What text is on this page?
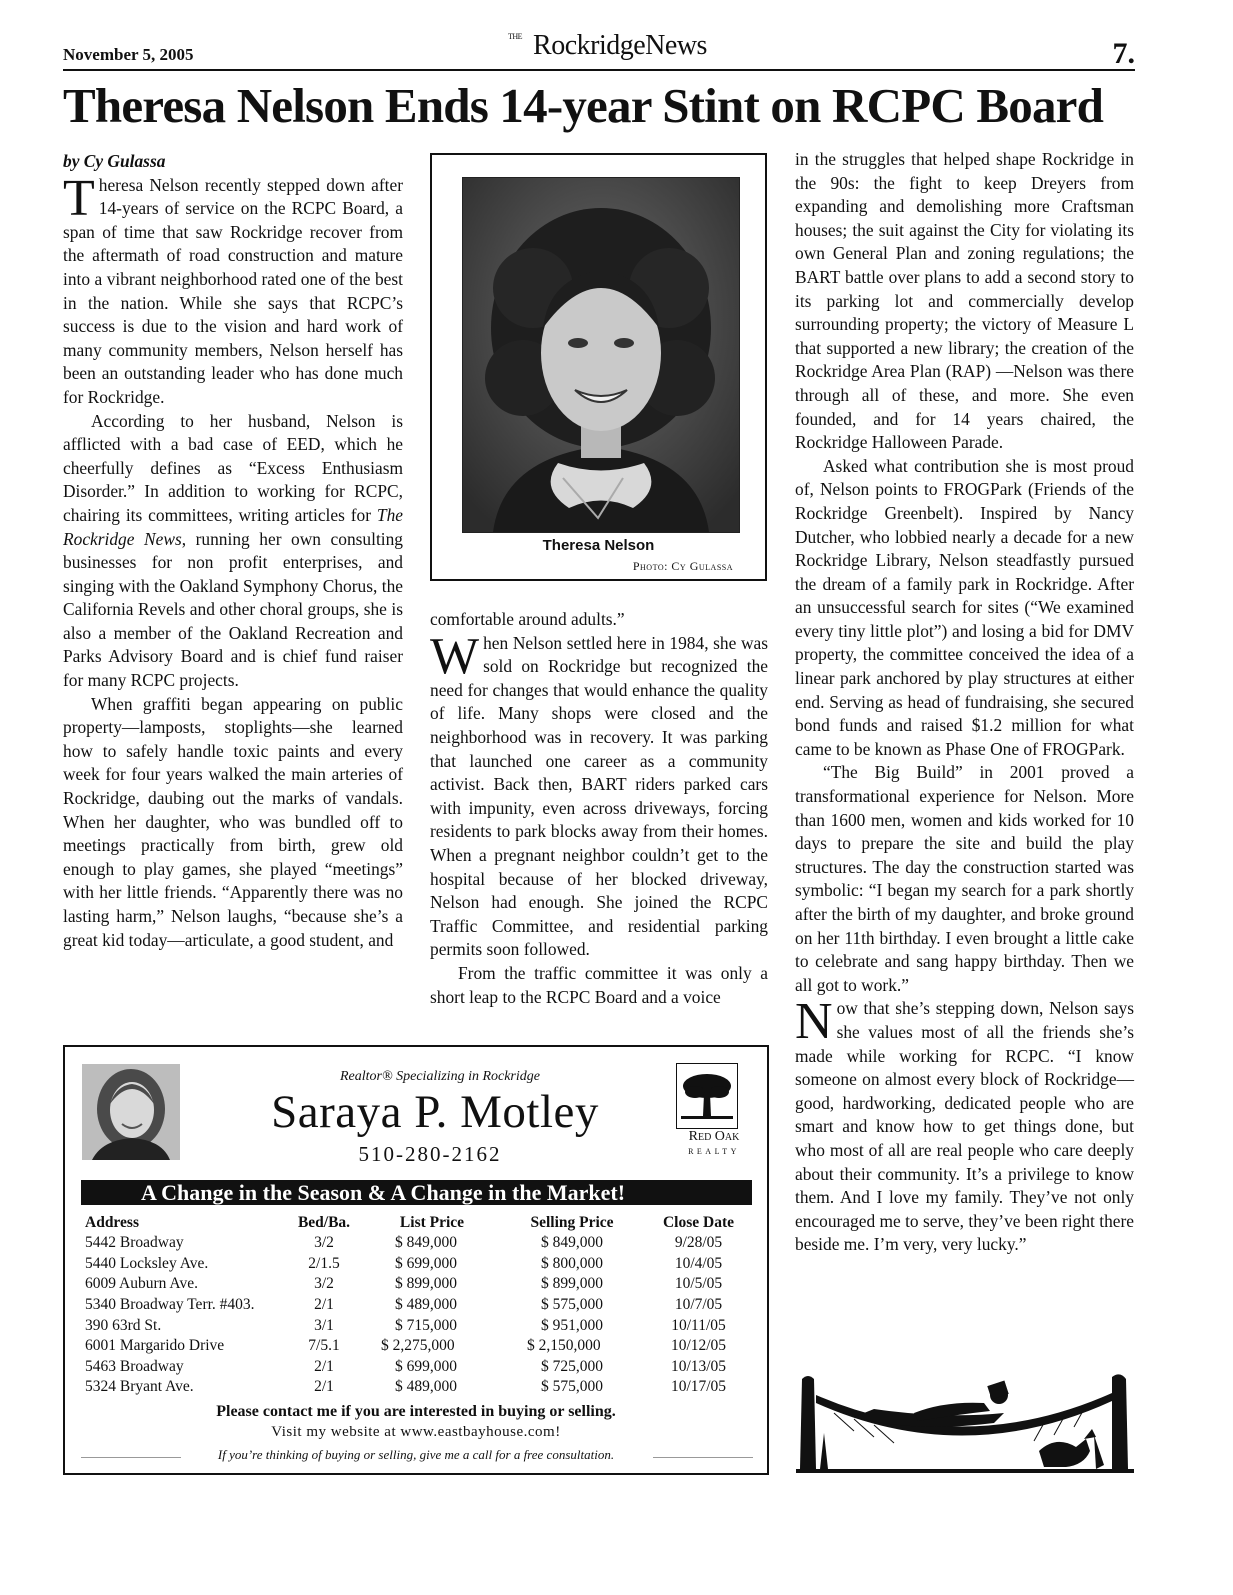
November 5, 2005
THE RockridgeNews	7.
Theresa Nelson Ends 14-year Stint on RCPC Board

by Cy Gulassa

Theresa Nelson recently stepped down after 14-years of service on the RCPC Board, a span of time that saw Rockridge recover from the aftermath of road construction and mature into a vibrant neighborhood rated one of the best in the nation. While she says that RCPC’s success is due to the vision and hard work of many community members, Nelson herself has been an outstanding leader who has done much for Rockridge.

According to her husband, Nelson is afflicted with a bad case of EED, which he cheerfully defines as “Excess Enthusiasm Disorder.” In addition to working for RCPC, chairing its committees, writing articles for The Rockridge News, running her own consulting businesses for non profit enterprises, and singing with the Oakland Symphony Chorus, the California Revels and other choral groups, she is also a member of the Oakland Recreation and Parks Advisory Board and is chief fund raiser for many RCPC projects.

When graffiti began appearing on public property—lamposts, stoplights—she learned how to safely handle toxic paints and every week for four years walked the main arteries of Rockridge, daubing out the marks of vandals. When her daughter, who was bundled off to meetings practically from birth, grew old enough to play games, she played “meetings” with her little friends. “Apparently there was no lasting harm,” Nelson laughs, “because she’s a great kid today—articulate, a good student, and

Theresa Nelson
Photo: Cy Gulassa

comfortable around adults.”

When Nelson settled here in 1984, she was sold on Rockridge but recognized the need for changes that would enhance the quality of life. Many shops were closed and the neighborhood was in recovery. It was parking that launched one career as a community activist. Back then, BART riders parked cars with impunity, even across driveways, forcing residents to park blocks away from their homes. When a pregnant neighbor couldn’t get to the hospital because of her blocked driveway, Nelson had enough. She joined the RCPC Traffic Committee, and residential parking permits soon followed.

From the traffic committee it was only a short leap to the RCPC Board and a voice

in the struggles that helped shape Rockridge in the 90s: the fight to keep Dreyers from expanding and demolishing more Craftsman houses; the suit against the City for violating its own General Plan and zoning regulations; the BART battle over plans to add a second story to its parking lot and commercially develop surrounding property; the victory of Measure L that supported a new library; the creation of the Rockridge Area Plan (RAP) —Nelson was there through all of these, and more. She even founded, and for 14 years chaired, the Rockridge Halloween Parade.

Asked what contribution she is most proud of, Nelson points to FROGPark (Friends of the Rockridge Greenbelt). Inspired by Nancy Dutcher, who lobbied nearly a decade for a new Rockridge Library, Nelson steadfastly pursued the dream of a family park in Rockridge. After an unsuccessful search for sites (“We examined every tiny little plot”) and losing a bid for DMV property, the committee conceived the idea of a linear park anchored by play structures at either end. Serving as head of fundraising, she secured bond funds and raised $1.2 million for what came to be known as Phase One of FROGPark.

“The Big Build” in 2001 proved a transformational experience for Nelson. More than 1600 men, women and kids worked for 10 days to prepare the site and build the play structures. The day the construction started was symbolic: “I began my search for a park shortly after the birth of my daughter, and broke ground on her 11th birthday. I even brought a little cake to celebrate and sang happy birthday. Then we all got to work.”

Now that she’s stepping down, Nelson says she values most of all the friends she’s made while working for RCPC. “I know someone on almost every block of Rockridge—good, hardworking, dedicated people who are smart and know how to get things done, but who most of all are real people who care deeply about their community. It’s a privilege to know them. And I love my family. They’ve not only encouraged me to serve, they’ve been right there beside me. I’m very, very lucky.”

Realtor® Specializing in Rockridge
Saraya P. Motley
510-280-2162
Red Oak
REALTY
A Change in the Season & A Change in the Market!
Address	Bed/Ba.	List Price	Selling Price	Close Date
5442 Broadway	3/2	$ 849,000	$ 849,000	9/28/05
5440 Locksley Ave.	2/1.5	$ 699,000	$ 800,000	10/4/05
6009 Auburn Ave.	3/2	$ 899,000	$ 899,000	10/5/05
5340 Broadway Terr. #403.	2/1	$ 489,000	$ 575,000	10/7/05
390 63rd St.	3/1	$ 715,000	$ 951,000	10/11/05
6001 Margarido Drive	7/5.1	$ 2,275,000	$ 2,150,000	10/12/05
5463 Broadway	2/1	$ 699,000	$ 725,000	10/13/05
5324 Bryant Ave.	2/1	$ 489,000	$ 575,000	10/17/05
Please contact me if you are interested in buying or selling.
Visit my website at www.eastbayhouse.com!
If you’re thinking of buying or selling, give me a call for a free consultation.
